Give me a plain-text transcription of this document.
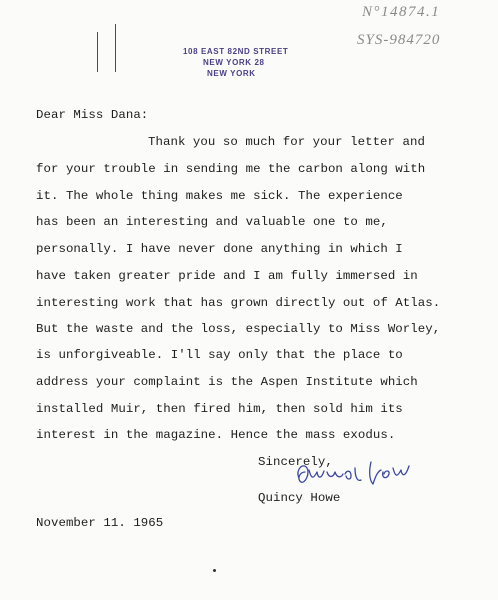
N°14874.1
SYS-984720
108 EAST 82ND STREET
NEW YORK 28
NEW YORK
Dear Miss Dana:
Thank you so much for your letter and
for your trouble in sending me the carbon along with
it. The whole thing makes me sick. The experience
has been an interesting and valuable one to me,
personally. I have never done anything in which I
have taken greater pride and I am fully immersed in
interesting work that has grown directly out of Atlas.
But the waste and the loss, especially to Miss Worley,
is unforgiveable. I'll say only that the place to
address your complaint is the Aspen Institute which
installed Muir, then fired him, then sold him its
interest in the magazine. Hence the mass exodus.
Sincerely,
Quincy Howe
November 11. 1965
